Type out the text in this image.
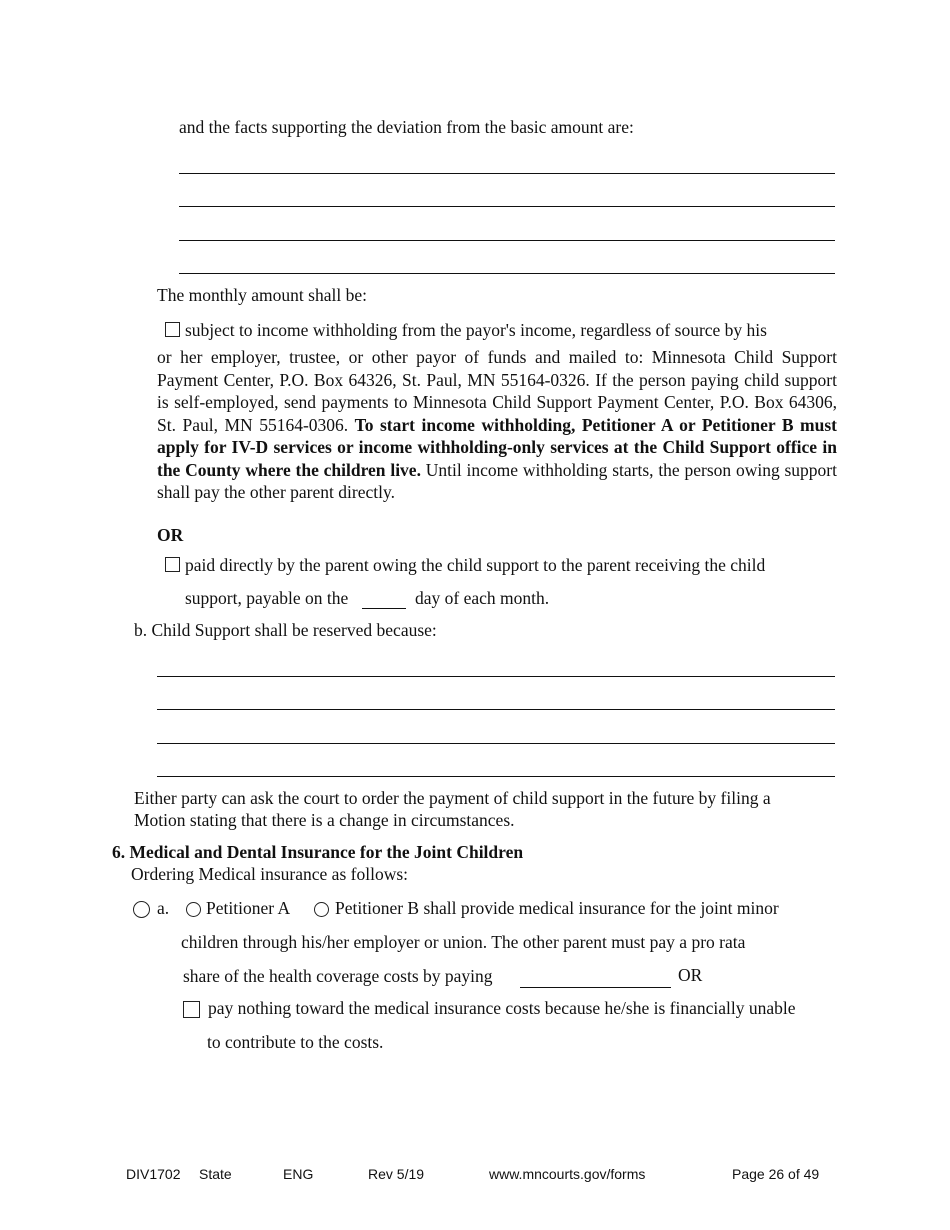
and the facts supporting the deviation from the basic amount are:
The monthly amount shall be:
subject to income withholding from the payor's income, regardless of source by his
or her employer, trustee, or other payor of funds and mailed to: Minnesota Child Support Payment Center, P.O. Box 64326, St. Paul, MN 55164-0326. If the person paying child support is self-employed, send payments to Minnesota Child Support Payment Center, P.O. Box 64306, St. Paul, MN 55164-0306. To start income withholding, Petitioner A or Petitioner B must apply for IV-D services or income withholding-only services at the Child Support office in the County where the children live. Until income withholding starts, the person owing support shall pay the other parent directly.
OR
paid directly by the parent owing the child support to the parent receiving the child
support, payable on the	day of each month.
b. Child Support shall be reserved because:
Either party can ask the court to order the payment of child support in the future by filing a
Motion stating that there is a change in circumstances.
6. Medical and Dental Insurance for the Joint Children
Ordering Medical insurance as follows:
a. Petitioner A	Petitioner B shall provide medical insurance for the joint minor
children through his/her employer or union. The other parent must pay a pro rata
share of the health coverage costs by paying	OR
pay nothing toward the medical insurance costs because he/she is financially unable
to contribute to the costs.
DIV1702 State	ENG	Rev 5/19	www.mncourts.gov/forms	Page 26 of 49
